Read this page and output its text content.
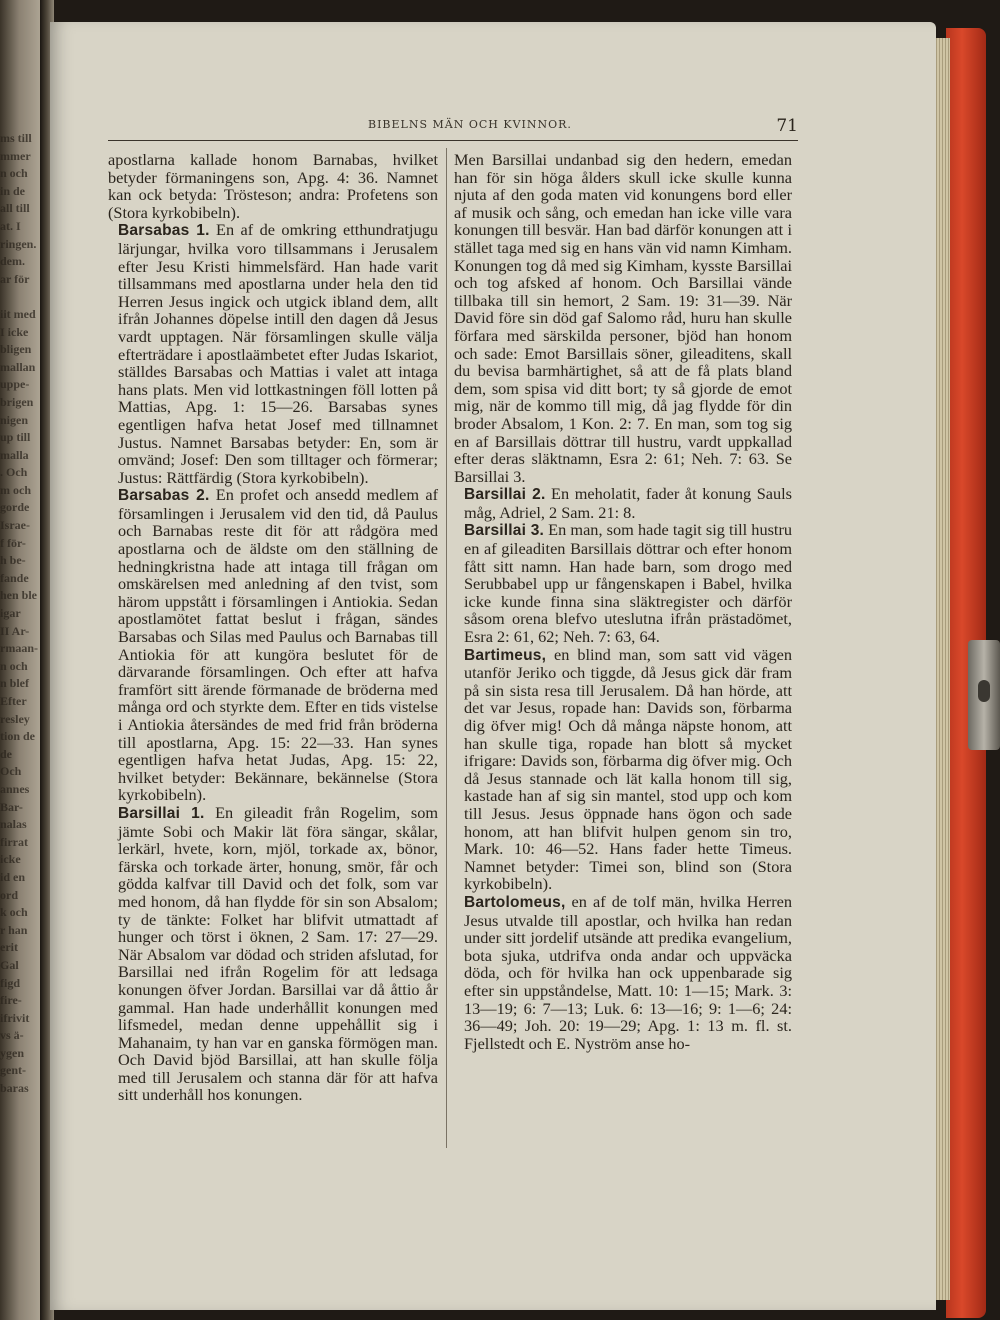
ms till
mmer
n och
in de
all till
at. I
ringen.
dem.
ar för

iit med
I icke
bligen
mallan
uppe-
brigen
nigen
up till
malla
. Och
m och
gorde
Israe-
f för-
h be-
fande
hen ble
igar
II Ar-
rmaan-
n och
n blef
Efter
resley
tion de
de
Och
annes
Bar-
nalas
firrat
icke
id en
ord
k och
r han
erit
Gal
figd
fire-
ifrivit
vs ä-
ygen
gent-
baras
BIBELNS MÄN OCH KVINNOR.	71

apostlarna kallade honom Barnabas, hvilket betyder förmaningens son, Apg. 4: 36. Namnet kan ock betyda: Trösteson; andra: Profetens son (Stora kyrkobibeln).

Barsabas 1. En af de omkring etthundratjugu lärjungar, hvilka voro tillsammans i Jerusalem efter Jesu Kristi himmelsfärd. Han hade varit tillsammans med apostlarna under hela den tid Herren Jesus ingick och utgick ibland dem, allt ifrån Johannes döpelse intill den dagen då Jesus vardt upptagen. När församlingen skulle välja efterträdare i apostlaämbetet efter Judas Iskariot, ställdes Barsabas och Mattias i valet att intaga hans plats. Men vid lottkastningen föll lotten på Mattias, Apg. 1: 15—26. Barsabas synes egentligen hafva hetat Josef med tillnamnet Justus. Namnet Barsabas betyder: En, som är omvänd; Josef: Den som tilltager och förmerar; Justus: Rättfärdig (Stora kyrkobibeln).

Barsabas 2. En profet och ansedd medlem af församlingen i Jerusalem vid den tid, då Paulus och Barnabas reste dit för att rådgöra med apostlarna och de äldste om den ställning de hedningkristna hade att intaga till frågan om omskärelsen med anledning af den tvist, som härom uppstått i församlingen i Antiokia. Sedan apostlamötet fattat beslut i frågan, sändes Barsabas och Silas med Paulus och Barnabas till Antiokia för att kungöra beslutet för de därvarande församlingen. Och efter att hafva framfört sitt ärende förmanade de bröderna med många ord och styrkte dem. Efter en tids vistelse i Antiokia återsändes de med frid från bröderna till apostlarna, Apg. 15: 22—33. Han synes egentligen hafva hetat Judas, Apg. 15: 22, hvilket betyder: Bekännare, bekännelse (Stora kyrkobibeln).

Barsillai 1. En gileadit från Rogelim, som jämte Sobi och Makir lät föra sängar, skålar, lerkärl, hvete, korn, mjöl, torkade ax, bönor, färska och torkade ärter, honung, smör, får och gödda kalfvar till David och det folk, som var med honom, då han flydde för sin son Absalom; ty de tänkte: Folket har blifvit utmattadt af hunger och törst i öknen, 2 Sam. 17: 27—29. När Absalom var dödad och striden afslutad, for Barsillai ned ifrån Rogelim för att ledsaga konungen öfver Jordan. Barsillai var då åttio år gammal. Han hade underhållit konungen med lifsmedel, medan denne uppehållit sig i Mahanaim, ty han var en ganska förmögen man. Och David bjöd Barsillai, att han skulle följa med till Jerusalem och stanna där för att hafva sitt underhåll hos konungen.

Men Barsillai undanbad sig den hedern, emedan han för sin höga ålders skull icke skulle kunna njuta af den goda maten vid konungens bord eller af musik och sång, och emedan han icke ville vara konungen till besvär. Han bad därför konungen att i stället taga med sig en hans vän vid namn Kimham. Konungen tog då med sig Kimham, kysste Barsillai och tog afsked af honom. Och Barsillai vände tillbaka till sin hemort, 2 Sam. 19: 31—39. När David före sin död gaf Salomo råd, huru han skulle förfara med särskilda personer, bjöd han honom och sade: Emot Barsillais söner, gileaditens, skall du bevisa barmhärtighet, så att de få plats bland dem, som spisa vid ditt bort; ty så gjorde de emot mig, när de kommo till mig, då jag flydde för din broder Absalom, 1 Kon. 2: 7. En man, som tog sig en af Barsillais döttrar till hustru, vardt uppkallad efter deras släktnamn, Esra 2: 61; Neh. 7: 63. Se Barsillai 3.

Barsillai 2. En meholatit, fader åt konung Sauls måg, Adriel, 2 Sam. 21: 8.

Barsillai 3. En man, som hade tagit sig till hustru en af gileaditen Barsillais döttrar och efter honom fått sitt namn. Han hade barn, som drogo med Serubbabel upp ur fångenskapen i Babel, hvilka icke kunde finna sina släktregister och därför såsom orena blefvo uteslutna ifrån prästadömet, Esra 2: 61, 62; Neh. 7: 63, 64.

Bartimeus, en blind man, som satt vid vägen utanför Jeriko och tiggde, då Jesus gick där fram på sin sista resa till Jerusalem. Då han hörde, att det var Jesus, ropade han: Davids son, förbarma dig öfver mig! Och då många näpste honom, att han skulle tiga, ropade han blott så mycket ifrigare: Davids son, förbarma dig öfver mig. Och då Jesus stannade och lät kalla honom till sig, kastade han af sig sin mantel, stod upp och kom till Jesus. Jesus öppnade hans ögon och sade honom, att han blifvit hulpen genom sin tro, Mark. 10: 46—52. Hans fader hette Timeus. Namnet betyder: Timei son, blind son (Stora kyrkobibeln).

Bartolomeus, en af de tolf män, hvilka Herren Jesus utvalde till apostlar, och hvilka han redan under sitt jordelif utsände att predika evangelium, bota sjuka, utdrifva onda andar och uppväcka döda, och för hvilka han ock uppenbarade sig efter sin uppståndelse, Matt. 10: 1—15; Mark. 3: 13—19; 6: 7—13; Luk. 6: 13—16; 9: 1—6; 24: 36—49; Joh. 20: 19—29; Apg. 1: 13 m. fl. st. Fjellstedt och E. Nyström anse ho-
